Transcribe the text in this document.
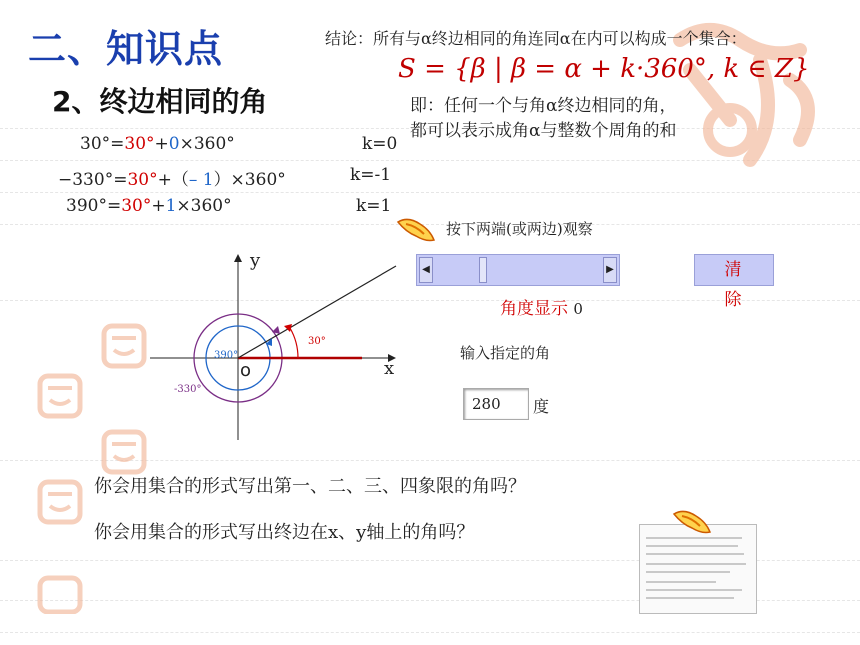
二、知识点
2、终边相同的角
结论：所有与α终边相同的角连同α在内可以构成一个集合：
S = {β | β = α + k·360°, k ∈ Z}
即：任何一个与角α终边相同的角，
都可以表示成角α与整数个周角的和
30°=30°+0×360°	k=0
−330°=30°+（– 1）×360°	k=-1
390°=30°+1×360°	k=1
30°
390°
-330°
y
x
o
按下两端(或两边)观察
◀	▶	清 除
角度显示 0
输入指定的角
280	度
你会用集合的形式写出第一、二、三、四象限的角吗？
你会用集合的形式写出终边在x、y轴上的角吗？
